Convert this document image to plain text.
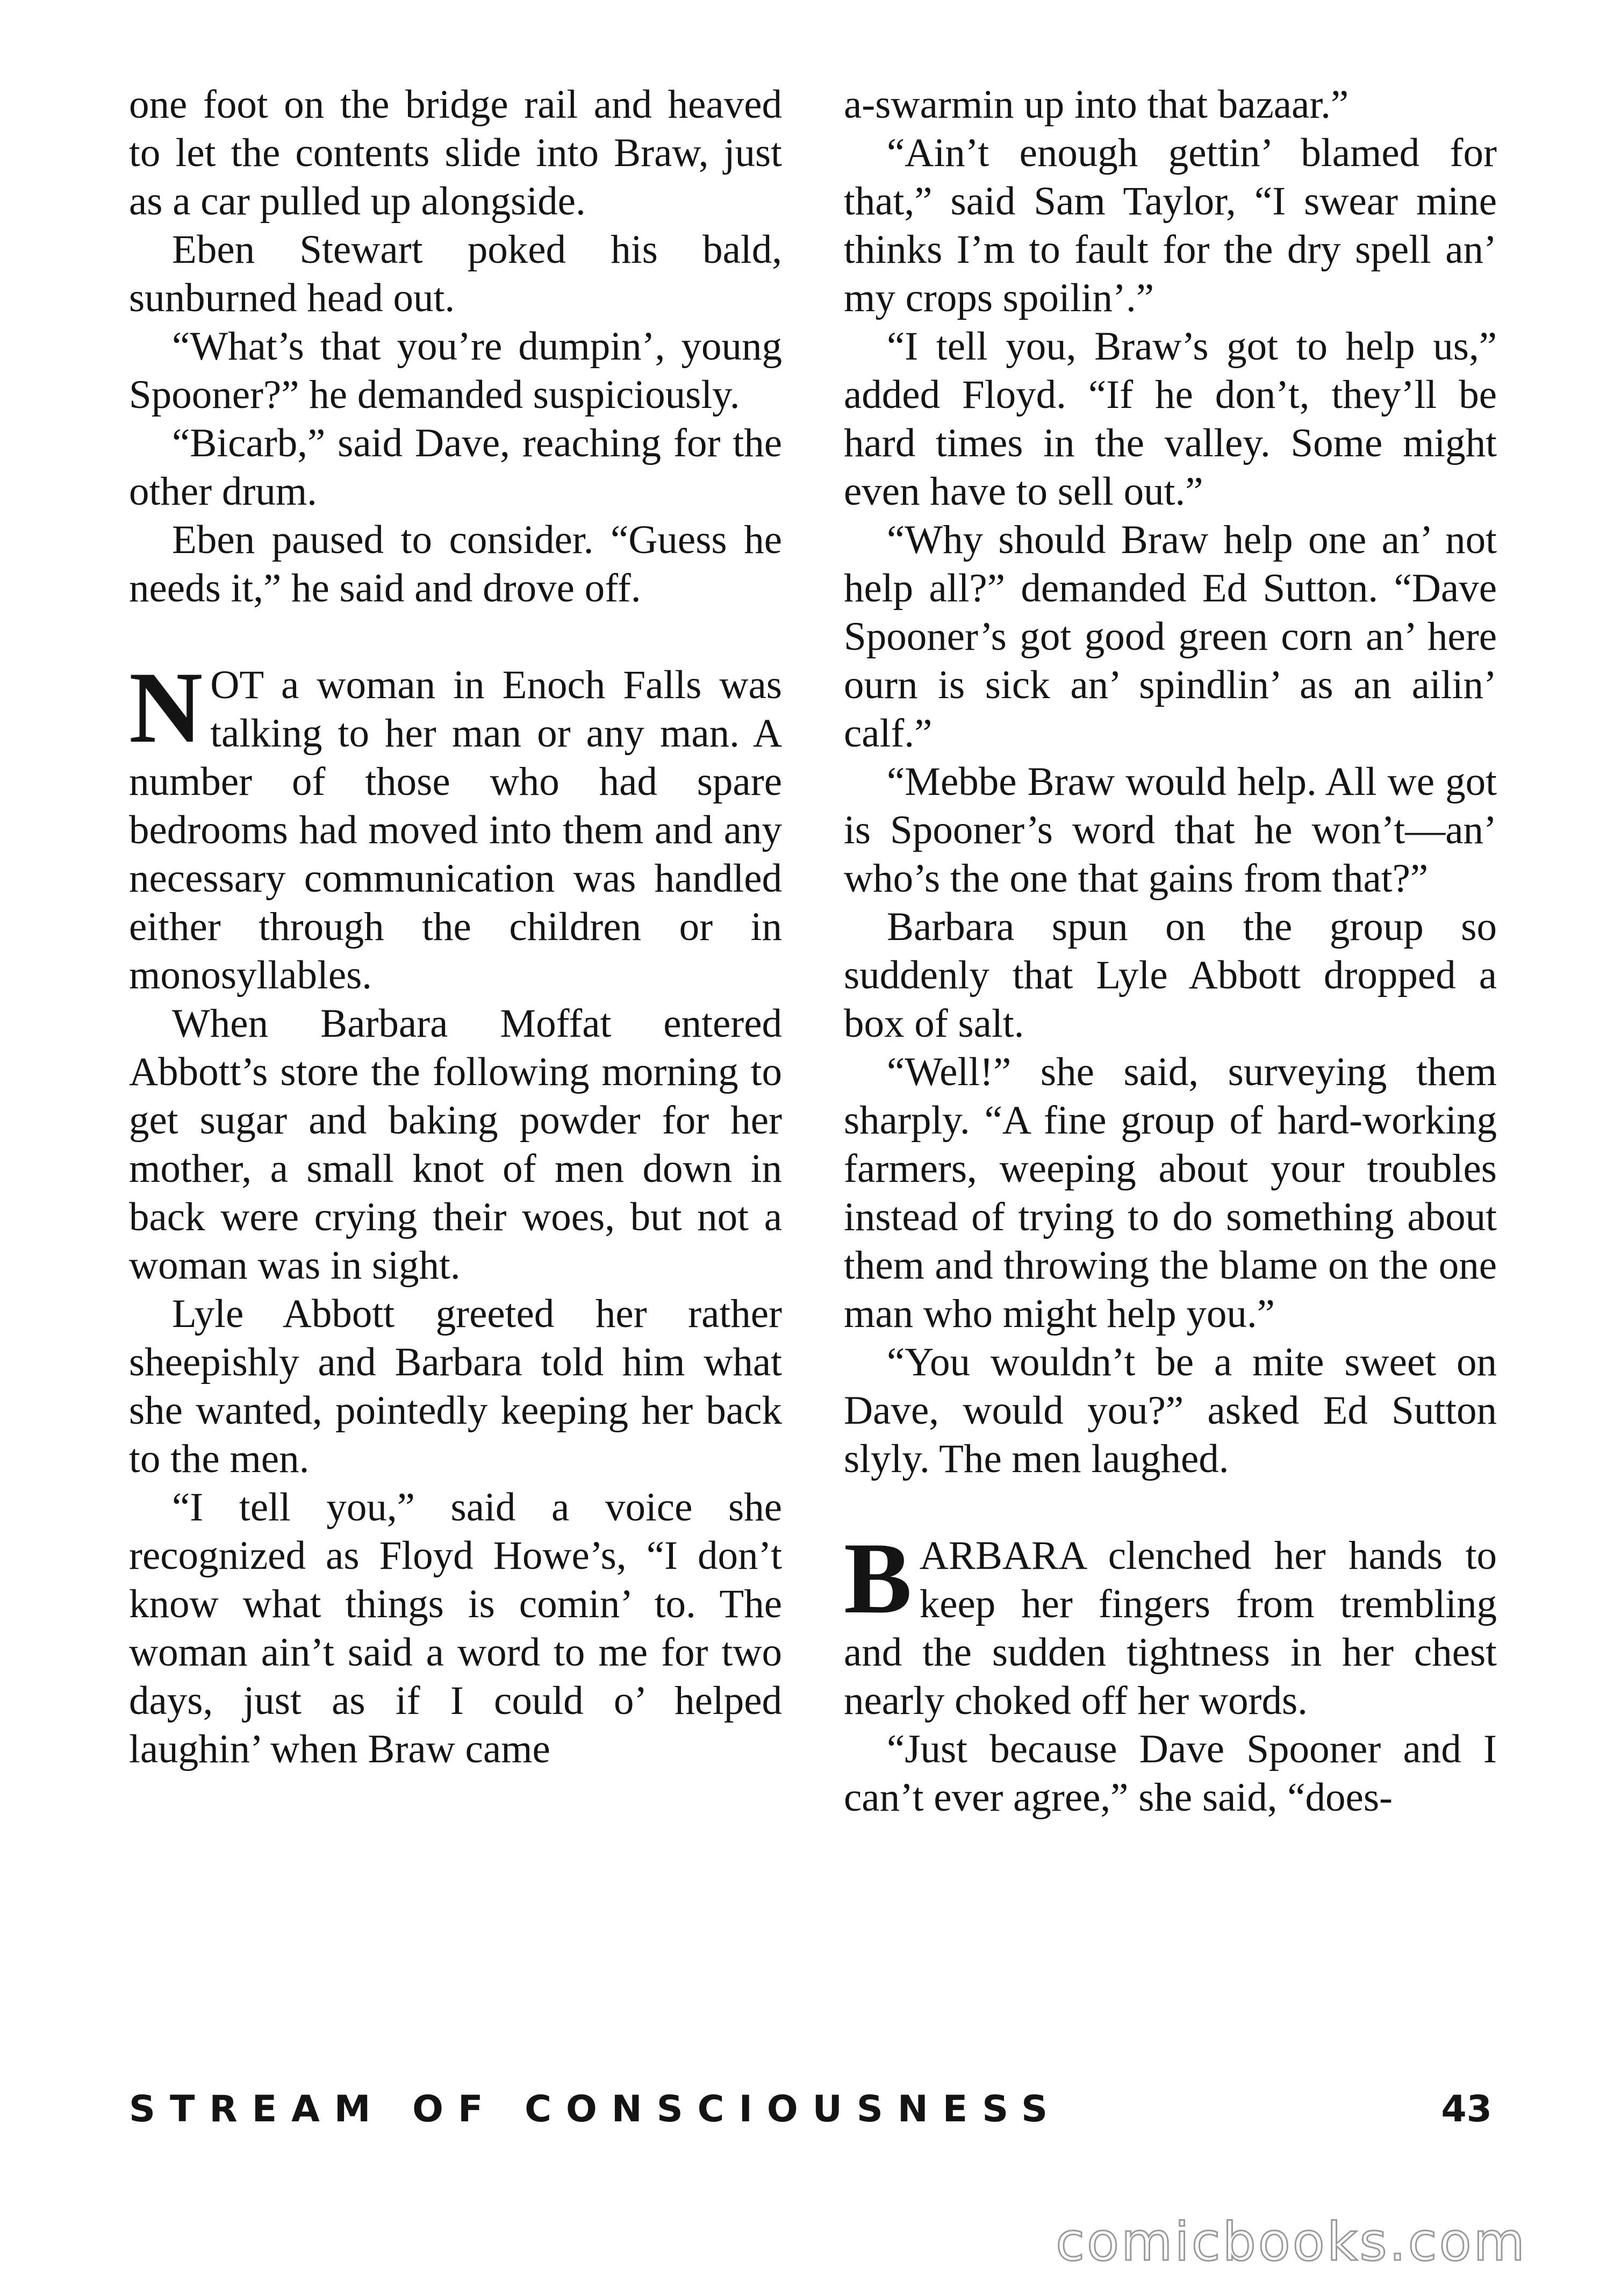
one foot on the bridge rail and heaved to let the contents slide into Braw, just as a car pulled up alongside.

Eben Stewart poked his bald, sunburned head out.

“What’s that you’re dumpin’, young Spooner?” he demanded suspiciously.

“Bicarb,” said Dave, reaching for the other drum.

Eben paused to consider. “Guess he needs it,” he said and drove off.

NOT a woman in Enoch Falls was talking to her man or any man. A number of those who had spare bedrooms had moved into them and any necessary communication was handled either through the children or in monosyllables.

When Barbara Moffat entered Abbott’s store the following morning to get sugar and baking powder for her mother, a small knot of men down in back were crying their woes, but not a woman was in sight.

Lyle Abbott greeted her rather sheepishly and Barbara told him what she wanted, pointedly keeping her back to the men.

“I tell you,” said a voice she recognized as Floyd Howe’s, “I don’t know what things is comin’ to. The woman ain’t said a word to me for two days, just as if I could o’ helped laughin’ when Braw came

a-swarmin up into that bazaar.”

“Ain’t enough gettin’ blamed for that,” said Sam Taylor, “I swear mine thinks I’m to fault for the dry spell an’ my crops spoilin’.”

“I tell you, Braw’s got to help us,” added Floyd. “If he don’t, they’ll be hard times in the valley. Some might even have to sell out.”

“Why should Braw help one an’ not help all?” demanded Ed Sutton. “Dave Spooner’s got good green corn an’ here ourn is sick an’ spindlin’ as an ailin’ calf.”

“Mebbe Braw would help. All we got is Spooner’s word that he won’t—an’ who’s the one that gains from that?”

Barbara spun on the group so suddenly that Lyle Abbott dropped a box of salt.

“Well!” she said, surveying them sharply. “A fine group of hard-working farmers, weeping about your troubles instead of trying to do something about them and throwing the blame on the one man who might help you.”

“You wouldn’t be a mite sweet on Dave, would you?” asked Ed Sutton slyly. The men laughed.

BARBARA clenched her hands to keep her fingers from trembling and the sudden tightness in her chest nearly choked off her words.

“Just because Dave Spooner and I can’t ever agree,” she said, “does-

STREAM OF CONSCIOUSNESS	43
comicbooks.com
